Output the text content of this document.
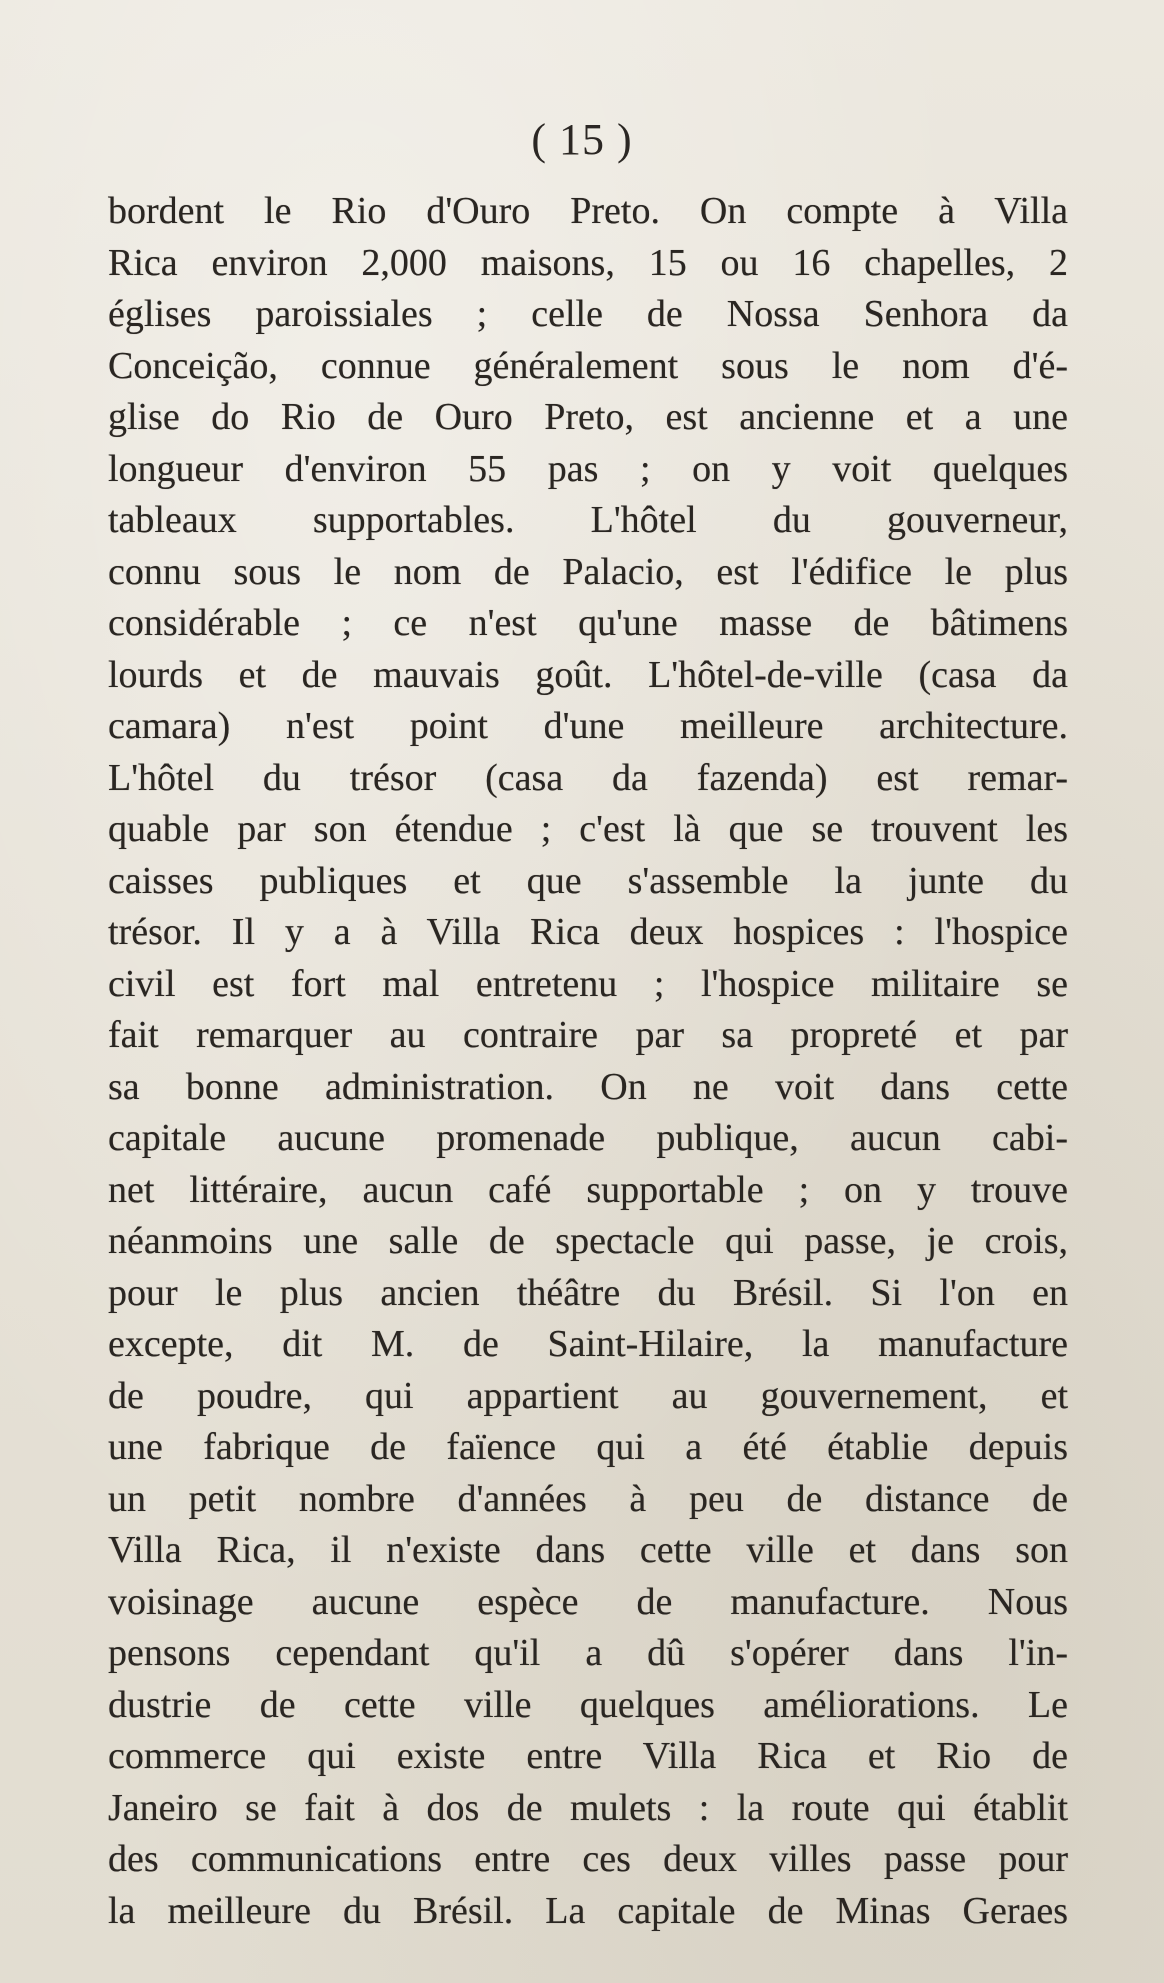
( 15 )
bordent le Rio d'Ouro Preto. On compte à Villa
Rica environ 2,000 maisons, 15 ou 16 chapelles, 2
églises paroissiales ; celle de Nossa Senhora da
Conceição, connue généralement sous le nom d'é-
glise do Rio de Ouro Preto, est ancienne et a une
longueur d'environ 55 pas ; on y voit quelques
tableaux supportables. L'hôtel du gouverneur,
connu sous le nom de Palacio, est l'édifice le plus
considérable ; ce n'est qu'une masse de bâtimens
lourds et de mauvais goût. L'hôtel-de-ville (casa da
camara) n'est point d'une meilleure architecture.
L'hôtel du trésor (casa da fazenda) est remar-
quable par son étendue ; c'est là que se trouvent les
caisses publiques et que s'assemble la junte du
trésor. Il y a à Villa Rica deux hospices : l'hospice
civil est fort mal entretenu ; l'hospice militaire se
fait remarquer au contraire par sa propreté et par
sa bonne administration. On ne voit dans cette
capitale aucune promenade publique, aucun cabi-
net littéraire, aucun café supportable ; on y trouve
néanmoins une salle de spectacle qui passe, je crois,
pour le plus ancien théâtre du Brésil. Si l'on en
excepte, dit M. de Saint-Hilaire, la manufacture
de poudre, qui appartient au gouvernement, et
une fabrique de faïence qui a été établie depuis
un petit nombre d'années à peu de distance de
Villa Rica, il n'existe dans cette ville et dans son
voisinage aucune espèce de manufacture. Nous
pensons cependant qu'il a dû s'opérer dans l'in-
dustrie de cette ville quelques améliorations. Le
commerce qui existe entre Villa Rica et Rio de
Janeiro se fait à dos de mulets : la route qui établit
des communications entre ces deux villes passe pour
la meilleure du Brésil. La capitale de Minas Geraes
